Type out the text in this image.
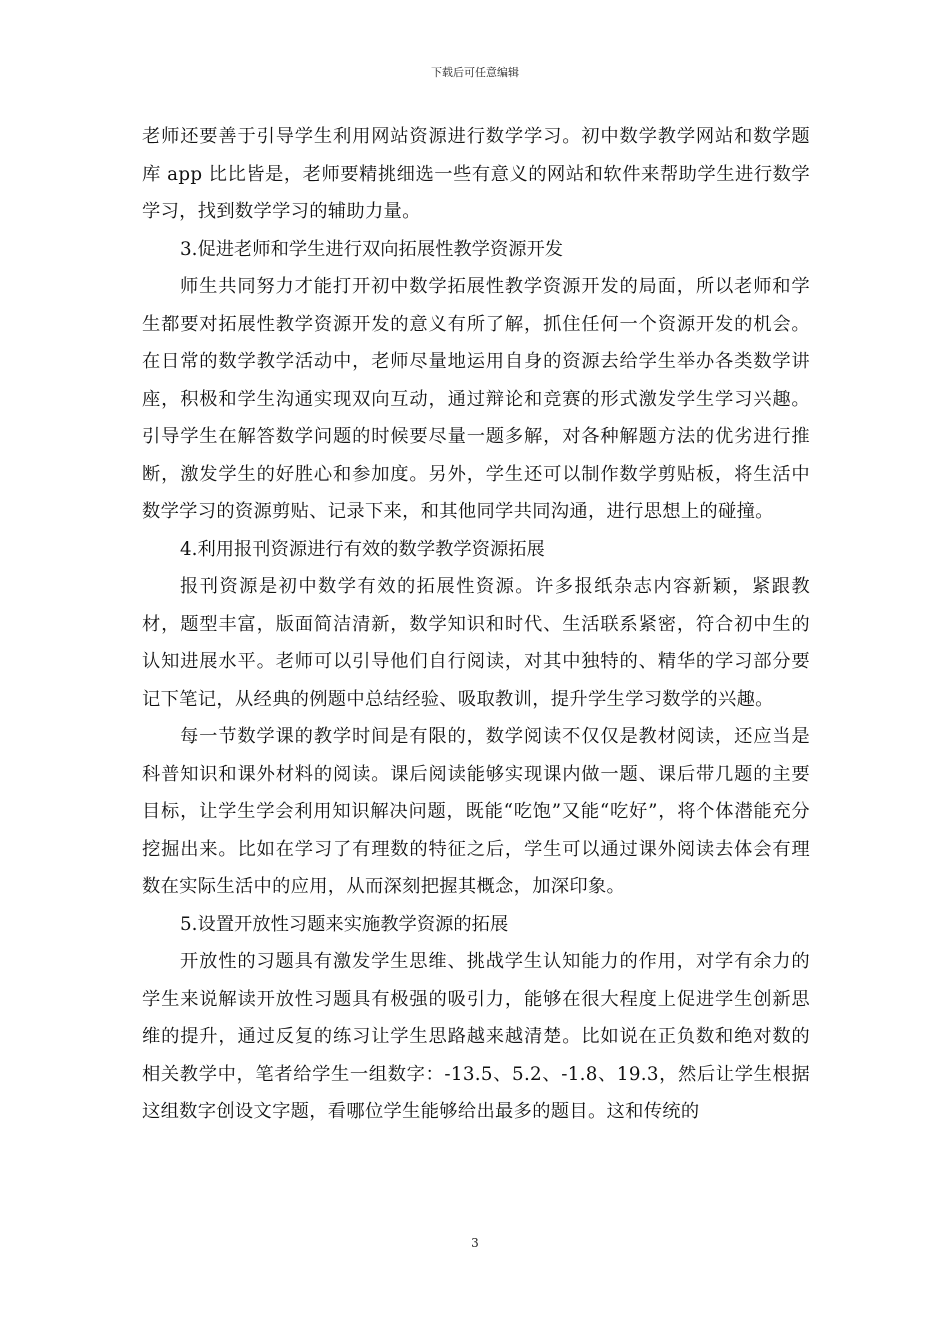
下载后可任意编辑

老师还要善于引导学生利用网站资源进行数学学习。初中数学教学网站和数学题库 app 比比皆是，老师要精挑细选一些有意义的网站和软件来帮助学生进行数学学习，找到数学学习的辅助力量。

3.促进老师和学生进行双向拓展性教学资源开发

师生共同努力才能打开初中数学拓展性教学资源开发的局面，所以老师和学生都要对拓展性教学资源开发的意义有所了解，抓住任何一个资源开发的机会。在日常的数学教学活动中，老师尽量地运用自身的资源去给学生举办各类数学讲座，积极和学生沟通实现双向互动，通过辩论和竞赛的形式激发学生学习兴趣。引导学生在解答数学问题的时候要尽量一题多解，对各种解题方法的优劣进行推断，激发学生的好胜心和参加度。另外，学生还可以制作数学剪贴板，将生活中数学学习的资源剪贴、记录下来，和其他同学共同沟通，进行思想上的碰撞。

4.利用报刊资源进行有效的数学教学资源拓展

报刊资源是初中数学有效的拓展性资源。许多报纸杂志内容新颖，紧跟教材，题型丰富，版面简洁清新，数学知识和时代、生活联系紧密，符合初中生的认知进展水平。老师可以引导他们自行阅读，对其中独特的、精华的学习部分要记下笔记，从经典的例题中总结经验、吸取教训，提升学生学习数学的兴趣。

每一节数学课的教学时间是有限的，数学阅读不仅仅是教材阅读，还应当是科普知识和课外材料的阅读。课后阅读能够实现课内做一题、课后带几题的主要目标，让学生学会利用知识解决问题，既能“吃饱”又能“吃好”，将个体潜能充分挖掘出来。比如在学习了有理数的特征之后，学生可以通过课外阅读去体会有理数在实际生活中的应用，从而深刻把握其概念，加深印象。

5.设置开放性习题来实施教学资源的拓展

开放性的习题具有激发学生思维、挑战学生认知能力的作用，对学有余力的学生来说解读开放性习题具有极强的吸引力，能够在很大程度上促进学生创新思维的提升，通过反复的练习让学生思路越来越清楚。比如说在正负数和绝对数的相关教学中，笔者给学生一组数字：-13.5、5.2、-1.8、19.3，然后让学生根据这组数字创设文字题，看哪位学生能够给出最多的题目。这和传统的

3
